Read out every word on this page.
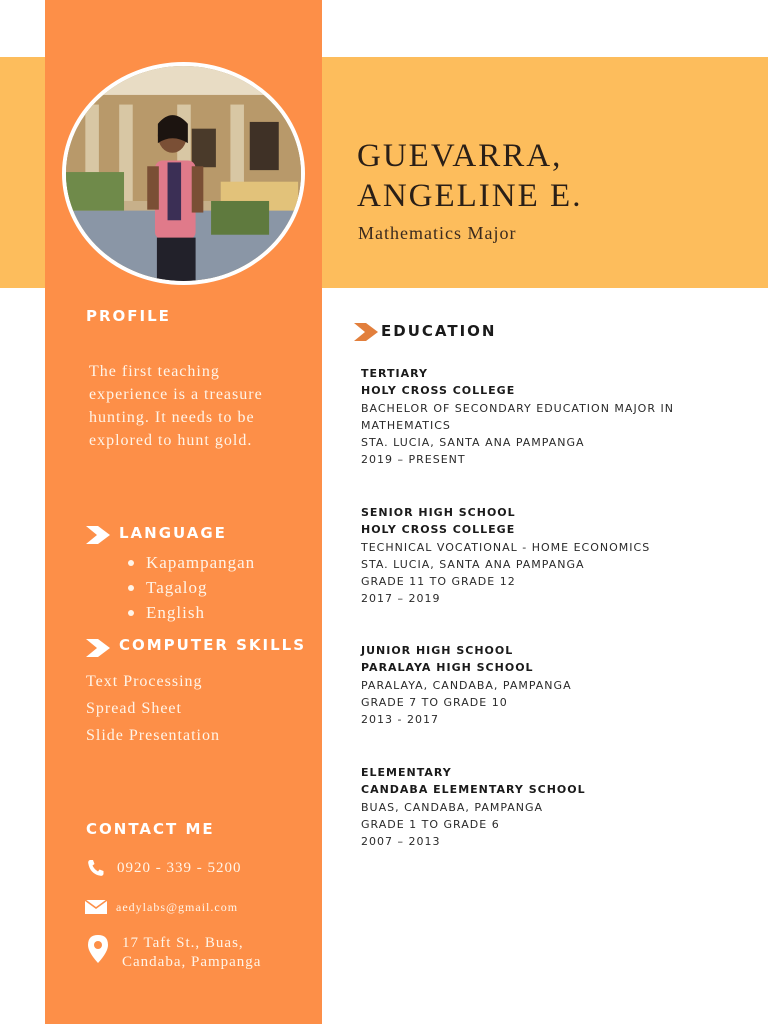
GUEVARRA,
ANGELINE E.
Mathematics Major
PROFILE
The first teaching experience is a treasure hunting. It needs to be explored to hunt gold.
LANGUAGE
Kapampangan
Tagalog
English
COMPUTER SKILLS
Text Processing
Spread Sheet
Slide Presentation
CONTACT ME
0920 - 339 - 5200
aedylabs@gmail.com
17 Taft St., Buas,
Candaba, Pampanga
EDUCATION
TERTIARY
HOLY CROSS COLLEGE
BACHELOR OF SECONDARY EDUCATION MAJOR IN MATHEMATICS
STA. LUCIA, SANTA ANA PAMPANGA
2019 – PRESENT
SENIOR HIGH SCHOOL
HOLY CROSS COLLEGE
TECHNICAL VOCATIONAL - HOME ECONOMICS
STA. LUCIA, SANTA ANA PAMPANGA
GRADE 11 TO GRADE 12
2017 – 2019
JUNIOR HIGH SCHOOL
PARALAYA HIGH SCHOOL
PARALAYA, CANDABA, PAMPANGA
GRADE 7 TO GRADE 10
2013 - 2017
ELEMENTARY
CANDABA ELEMENTARY SCHOOL
BUAS, CANDABA, PAMPANGA
GRADE 1 TO GRADE 6
2007 – 2013
